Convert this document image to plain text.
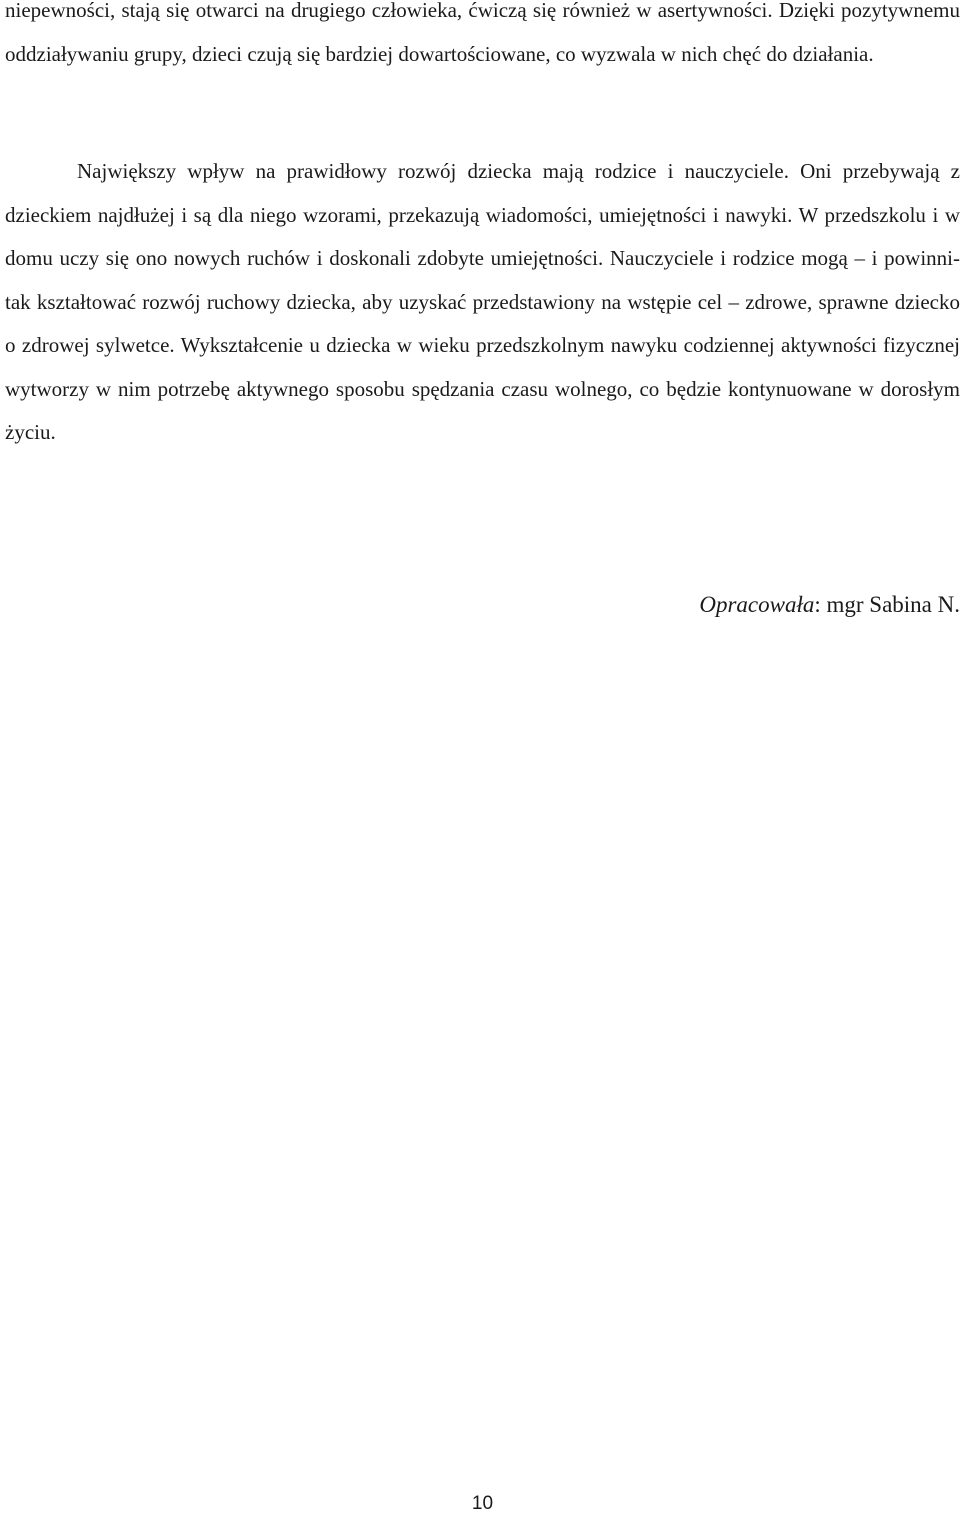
niepewności, stają się otwarci na drugiego człowieka, ćwiczą się również w asertywności. Dzięki pozytywnemu oddziaływaniu grupy, dzieci czują się bardziej dowartościowane, co wyzwala w nich chęć do działania.

Największy wpływ na prawidłowy rozwój dziecka mają rodzice i nauczyciele. Oni przebywają z dzieckiem najdłużej i są dla niego wzorami, przekazują wiadomości, umiejętności i nawyki. W przedszkolu i w domu uczy się ono nowych ruchów i doskonali zdobyte umiejętności. Nauczyciele i rodzice mogą – i powinni- tak kształtować rozwój ruchowy dziecka, aby uzyskać przedstawiony na wstępie cel – zdrowe, sprawne dziecko o zdrowej sylwetce. Wykształcenie u dziecka w wieku przedszkolnym nawyku codziennej aktywności fizycznej wytworzy w nim potrzebę aktywnego sposobu spędzania czasu wolnego, co będzie kontynuowane w dorosłym życiu.

Opracowała: mgr Sabina N.
10
